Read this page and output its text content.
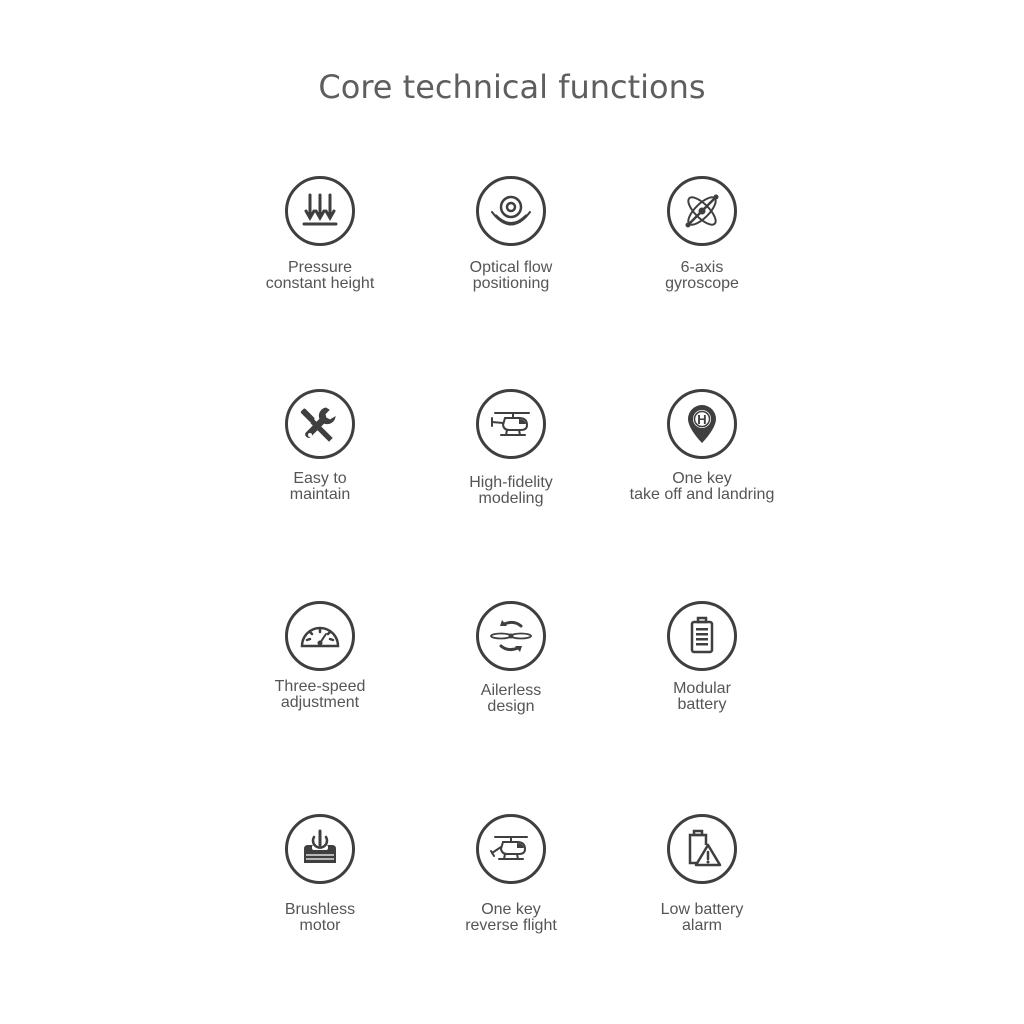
Core technical functions
Pressure
constant height
Optical flow
positioning
6-axis
gyroscope
Easy to
maintain
High-fidelity
modeling
H
One key
take off and landring
Three-speed
adjustment
Ailerless
design
Modular
battery
Brushless
motor
One key
reverse flight
Low battery
alarm
